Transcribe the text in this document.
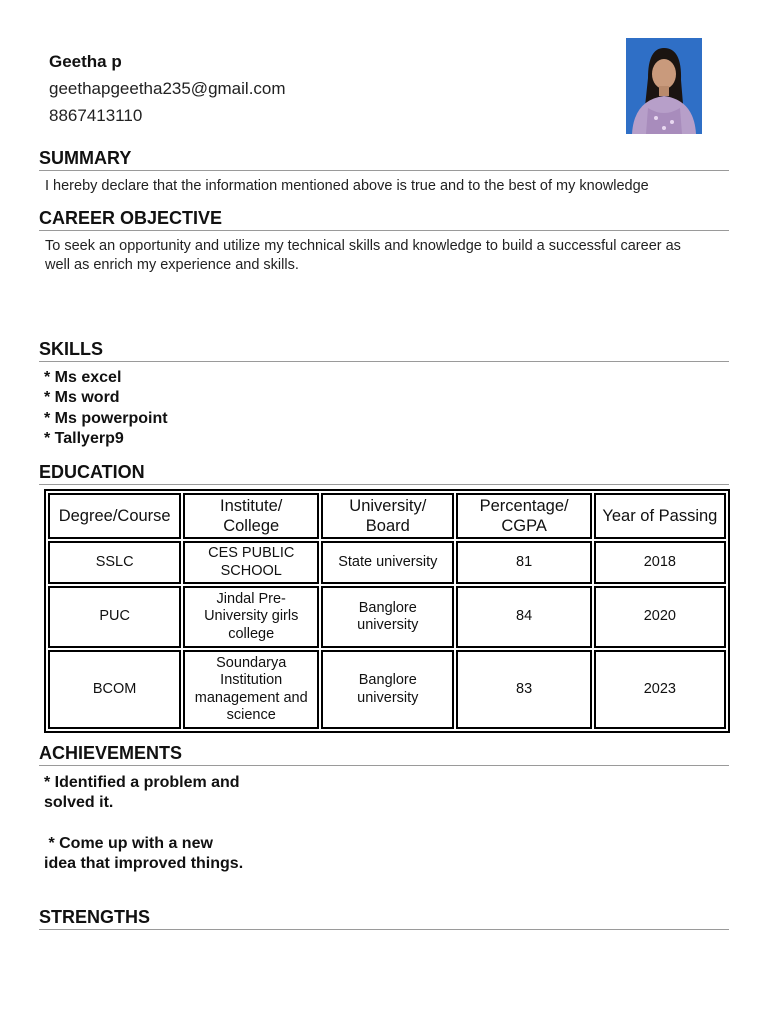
Geetha p
geethapgeetha235@gmail.com
8867413110
SUMMARY
I hereby declare that the information mentioned above is true and to the best of my knowledge
CAREER OBJECTIVE
To seek an opportunity and utilize my technical skills and knowledge to build a successful career as well as enrich my experience and skills.
SKILLS
* Ms excel
* Ms word
* Ms powerpoint
* Tallyerp9
EDUCATION
Degree/Course	Institute/ College	University/ Board	Percentage/ CGPA	Year of Passing
SSLC	CES PUBLIC SCHOOL	State university	81	2018
PUC	Jindal Pre-University girls college	Banglore university	84	2020
BCOM	Soundarya Institution management and science	Banglore university	83	2023
ACHIEVEMENTS
* Identified a problem and solved it.
* Come up with a new idea that improved things.
STRENGTHS
